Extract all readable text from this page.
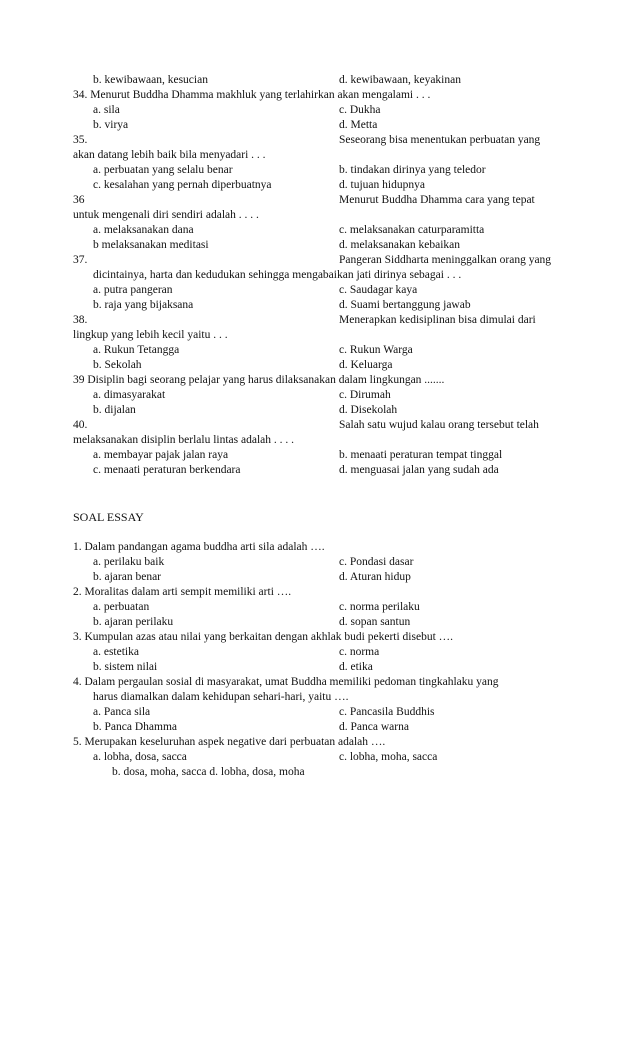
b. kewibawaan, kesucian	d. kewibawaan, keyakinan
34. Menurut Buddha Dhamma makhluk yang terlahirkan akan mengalami . . .
a. sila	c. Dukha
b. virya	d. Metta
35.	Seseorang bisa menentukan perbuatan yang
akan datang lebih baik bila menyadari . . .
a. perbuatan yang selalu benar	b. tindakan dirinya yang teledor
c. kesalahan yang pernah diperbuatnya	d. tujuan hidupnya
36	Menurut Buddha Dhamma cara yang tepat
untuk mengenali diri sendiri adalah . . . .
a. melaksanakan dana	c. melaksanakan caturparamitta
b melaksanakan meditasi	d. melaksanakan kebaikan
37.	Pangeran Siddharta meninggalkan orang yang
dicintainya, harta dan kedudukan sehingga mengabaikan jati dirinya sebagai . . .
a. putra pangeran	c. Saudagar kaya
b. raja yang bijaksana	d. Suami bertanggung jawab
38.	Menerapkan kedisiplinan bisa dimulai dari
lingkup yang lebih kecil yaitu . . .
a. Rukun Tetangga	c. Rukun Warga
b. Sekolah	d. Keluarga
39 Disiplin bagi seorang pelajar yang harus dilaksanakan dalam lingkungan .......
a. dimasyarakat	c. Dirumah
b. dijalan	d. Disekolah
40.	Salah satu wujud kalau orang tersebut telah
melaksanakan disiplin berlalu lintas adalah . . . .
a. membayar pajak jalan raya	b. menaati peraturan tempat tinggal
c. menaati peraturan berkendara	d. menguasai jalan yang sudah ada
SOAL ESSAY
1. Dalam pandangan agama buddha arti sila adalah ….
a. perilaku baik	c. Pondasi dasar
b. ajaran benar	d. Aturan hidup
2. Moralitas dalam arti sempit memiliki arti ….
a. perbuatan	c. norma perilaku
b. ajaran perilaku	d. sopan santun
3. Kumpulan azas atau nilai yang berkaitan dengan akhlak budi pekerti disebut ….
a. estetika	c. norma
b. sistem nilai	d. etika
4. Dalam pergaulan sosial di masyarakat, umat Buddha memiliki pedoman tingkahlaku yang
harus diamalkan dalam kehidupan sehari-hari, yaitu ….
a. Panca sila	c. Pancasila Buddhis
b. Panca Dhamma	d. Panca warna
5. Merupakan keseluruhan aspek negative dari perbuatan adalah ….
a. lobha, dosa, sacca	c. lobha, moha, sacca
b. dosa, moha, sacca d. lobha, dosa, moha
